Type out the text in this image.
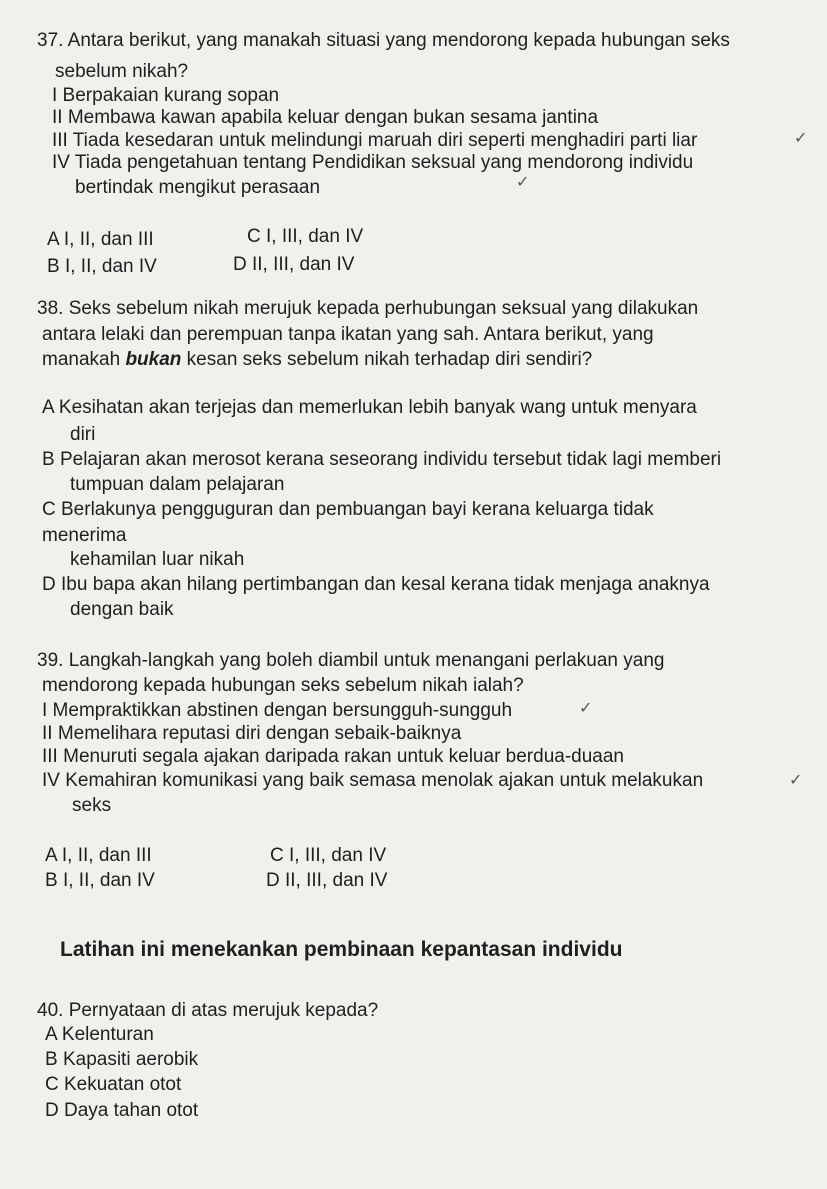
37. Antara berikut, yang manakah situasi yang mendorong kepada hubungan seks
sebelum nikah?
I Berpakaian kurang sopan
II Membawa kawan apabila keluar dengan bukan sesama jantina
III Tiada kesedaran untuk melindungi maruah diri seperti menghadiri parti liar
IV Tiada pengetahuan tentang Pendidikan seksual yang mendorong individu
bertindak mengikut perasaan
A I, II, dan III	C I, III, dan IV
B I, II, dan IV	D II, III, dan IV
✓
✓
38. Seks sebelum nikah merujuk kepada perhubungan seksual yang dilakukan
antara lelaki dan perempuan tanpa ikatan yang sah. Antara berikut, yang
manakah bukan kesan seks sebelum nikah terhadap diri sendiri?
A Kesihatan akan terjejas dan memerlukan lebih banyak wang untuk menyara
diri
B Pelajaran akan merosot kerana seseorang individu tersebut tidak lagi memberi
tumpuan dalam pelajaran
C Berlakunya pengguguran dan pembuangan bayi kerana keluarga tidak
menerima
kehamilan luar nikah
D Ibu bapa akan hilang pertimbangan dan kesal kerana tidak menjaga anaknya
dengan baik
39. Langkah-langkah yang boleh diambil untuk menangani perlakuan yang
mendorong kepada hubungan seks sebelum nikah ialah?
I Mempraktikkan abstinen dengan bersungguh-sungguh
II Memelihara reputasi diri dengan sebaik-baiknya
III Menuruti segala ajakan daripada rakan untuk keluar berdua-duaan
IV Kemahiran komunikasi yang baik semasa menolak ajakan untuk melakukan
seks
A I, II, dan III	C I, III, dan IV
B I, II, dan IV	D II, III, dan IV
✓
✓
Latihan ini menekankan pembinaan kepantasan individu
40. Pernyataan di atas merujuk kepada?
A Kelenturan
B Kapasiti aerobik
C Kekuatan otot
D Daya tahan otot
